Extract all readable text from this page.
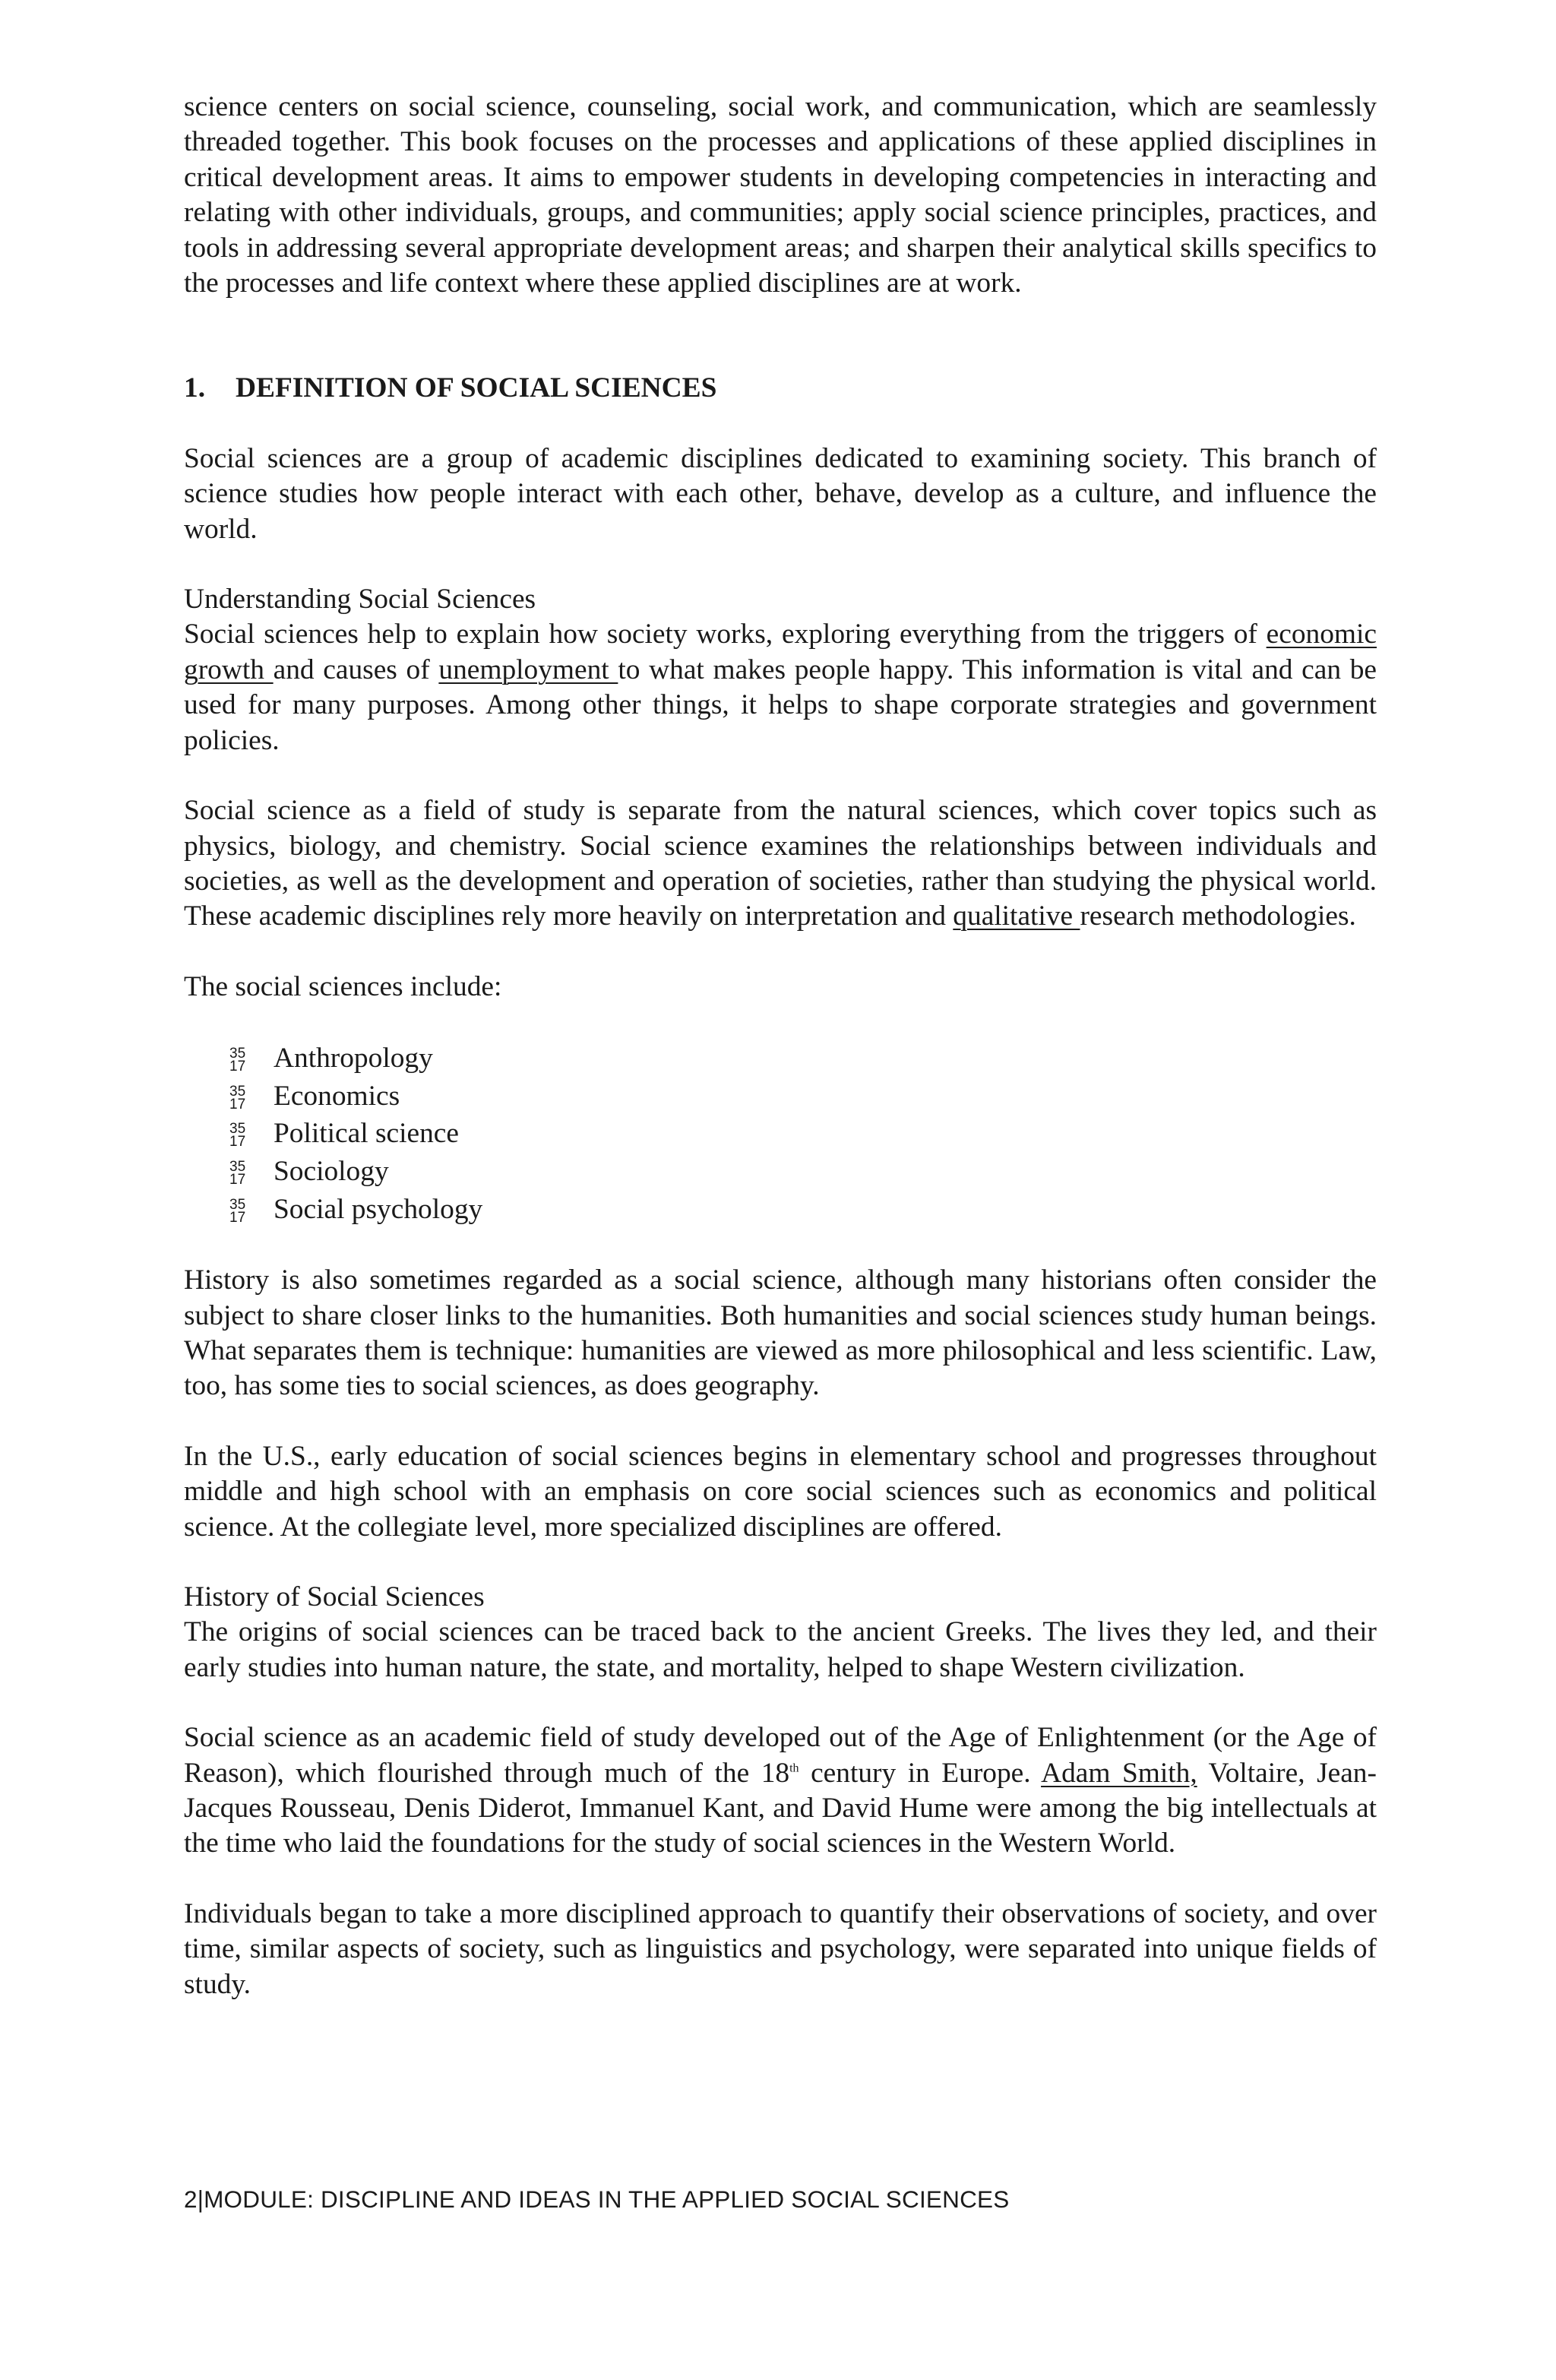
science centers on social science, counseling, social work, and communication, which are seamlessly threaded together. This book focuses on the processes and applications of these applied disciplines in critical development areas. It aims to empower students in developing competencies in interacting and relating with other individuals, groups, and communities; apply social science principles, practices, and tools in addressing several appropriate development areas; and sharpen their analytical skills specifics to the processes and life context where these applied disciplines are at work.

1.	DEFINITION OF SOCIAL SCIENCES

Social sciences are a group of academic disciplines dedicated to examining society. This branch of science studies how people interact with each other, behave, develop as a culture, and influence the world.

Understanding Social Sciences

Social sciences help to explain how society works, exploring everything from the triggers of economic growth and causes of unemployment to what makes people happy. This information is vital and can be used for many purposes. Among other things, it helps to shape corporate strategies and government policies.

Social science as a field of study is separate from the natural sciences, which cover topics such as physics, biology, and chemistry. Social science examines the relationships between individuals and societies, as well as the development and operation of societies, rather than studying the physical world. These academic disciplines rely more heavily on interpretation and qualitative research methodologies.

The social sciences include:

35
17 Anthropology
35
17 Economics
35
17 Political science
35
17 Sociology
35
17 Social psychology

History is also sometimes regarded as a social science, although many historians often consider the subject to share closer links to the humanities. Both humanities and social sciences study human beings. What separates them is technique: humanities are viewed as more philosophical and less scientific. Law, too, has some ties to social sciences, as does geography.

In the U.S., early education of social sciences begins in elementary school and progresses throughout middle and high school with an emphasis on core social sciences such as economics and political science. At the collegiate level, more specialized disciplines are offered.

History of Social Sciences

The origins of social sciences can be traced back to the ancient Greeks. The lives they led, and their early studies into human nature, the state, and mortality, helped to shape Western civilization.

Social science as an academic field of study developed out of the Age of Enlightenment (or the Age of Reason), which flourished through much of the 18th century in Europe. Adam Smith, Voltaire, Jean-Jacques Rousseau, Denis Diderot, Immanuel Kant, and David Hume were among the big intellectuals at the time who laid the foundations for the study of social sciences in the Western World.

Individuals began to take a more disciplined approach to quantify their observations of society, and over time, similar aspects of society, such as linguistics and psychology, were separated into unique fields of study.

2|MODULE: DISCIPLINE AND IDEAS IN THE APPLIED SOCIAL SCIENCES
